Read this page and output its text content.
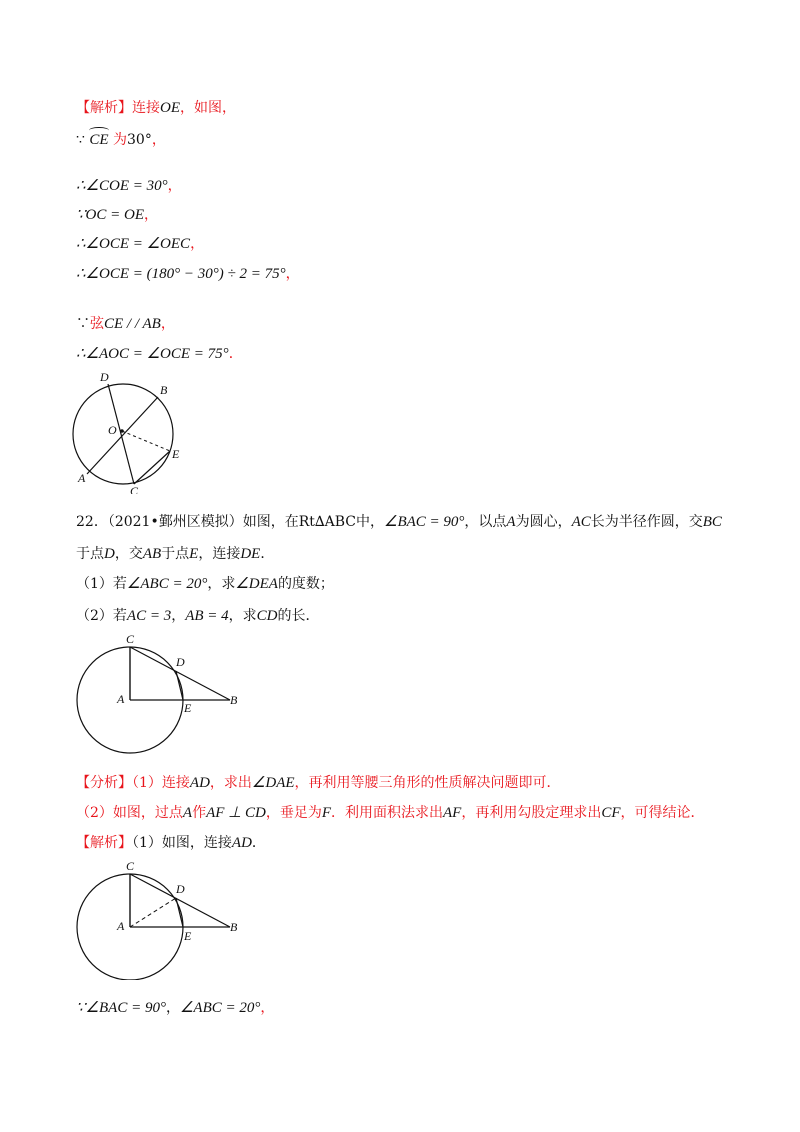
【解析】连接OE，如图，
∵ CE 为30°，
∴∠COE = 30°，
∵OC = OE，
∴∠OCE = ∠OEC，
∴∠OCE = (180° − 30°) ÷ 2 = 75°，
∵弦CE / / AB，
∴∠AOC = ∠OCE = 75°．
D
B
O
E
A
C
22．（2021•鄞州区模拟）如图，在Rt∆ABC中，∠BAC = 90°，以点A为圆心，AC长为半径作圆，交BC
于点D，交AB于点E，连接DE．
（1）若∠ABC = 20°，求∠DEA的度数；
（2）若AC = 3，AB = 4，求CD的长．
C
D
A
E
B
【分析】（1）连接AD，求出∠DAE，再利用等腰三角形的性质解决问题即可．
（2）如图，过点A作AF ⊥ CD，垂足为F．利用面积法求出AF，再利用勾股定理求出CF，可得结论．
【解析】（1）如图，连接AD．
C
D
A
E
B
∵∠BAC = 90°，∠ABC = 20°，
